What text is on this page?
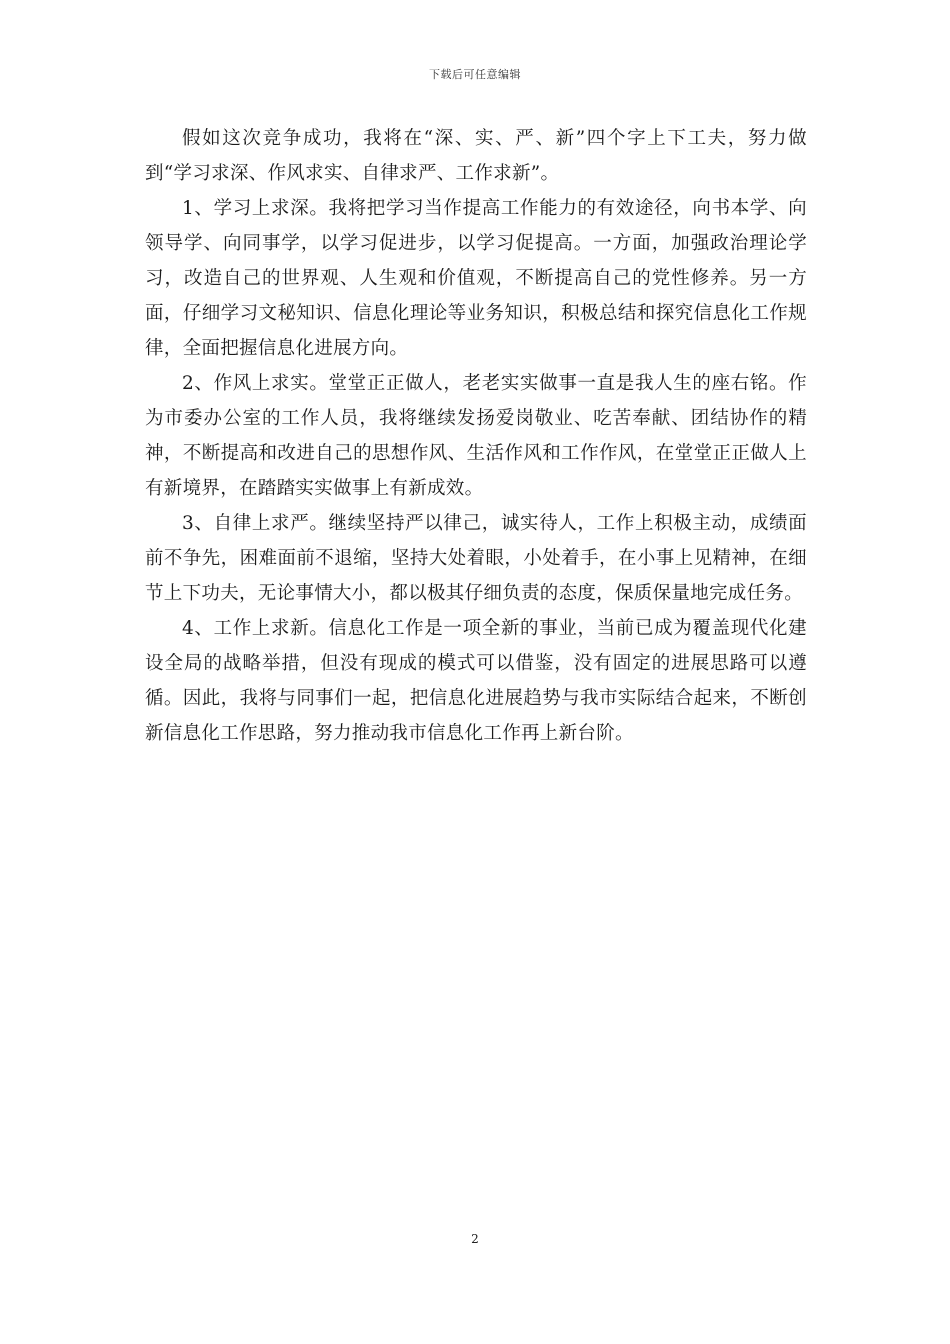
下载后可任意编辑

假如这次竞争成功，我将在“深、实、严、新”四个字上下工夫，努力做到“学习求深、作风求实、自律求严、工作求新”。

1、学习上求深。我将把学习当作提高工作能力的有效途径，向书本学、向领导学、向同事学，以学习促进步，以学习促提高。一方面，加强政治理论学习，改造自己的世界观、人生观和价值观，不断提高自己的党性修养。另一方面，仔细学习文秘知识、信息化理论等业务知识，积极总结和探究信息化工作规律，全面把握信息化进展方向。

2、作风上求实。堂堂正正做人，老老实实做事一直是我人生的座右铭。作为市委办公室的工作人员，我将继续发扬爱岗敬业、吃苦奉献、团结协作的精神，不断提高和改进自己的思想作风、生活作风和工作作风，在堂堂正正做人上有新境界，在踏踏实实做事上有新成效。

3、自律上求严。继续坚持严以律己，诚实待人，工作上积极主动，成绩面前不争先，困难面前不退缩，坚持大处着眼，小处着手，在小事上见精神，在细节上下功夫，无论事情大小，都以极其仔细负责的态度，保质保量地完成任务。

4、工作上求新。信息化工作是一项全新的事业，当前已成为覆盖现代化建设全局的战略举措，但没有现成的模式可以借鉴，没有固定的进展思路可以遵循。因此，我将与同事们一起，把信息化进展趋势与我市实际结合起来，不断创新信息化工作思路，努力推动我市信息化工作再上新台阶。

2
